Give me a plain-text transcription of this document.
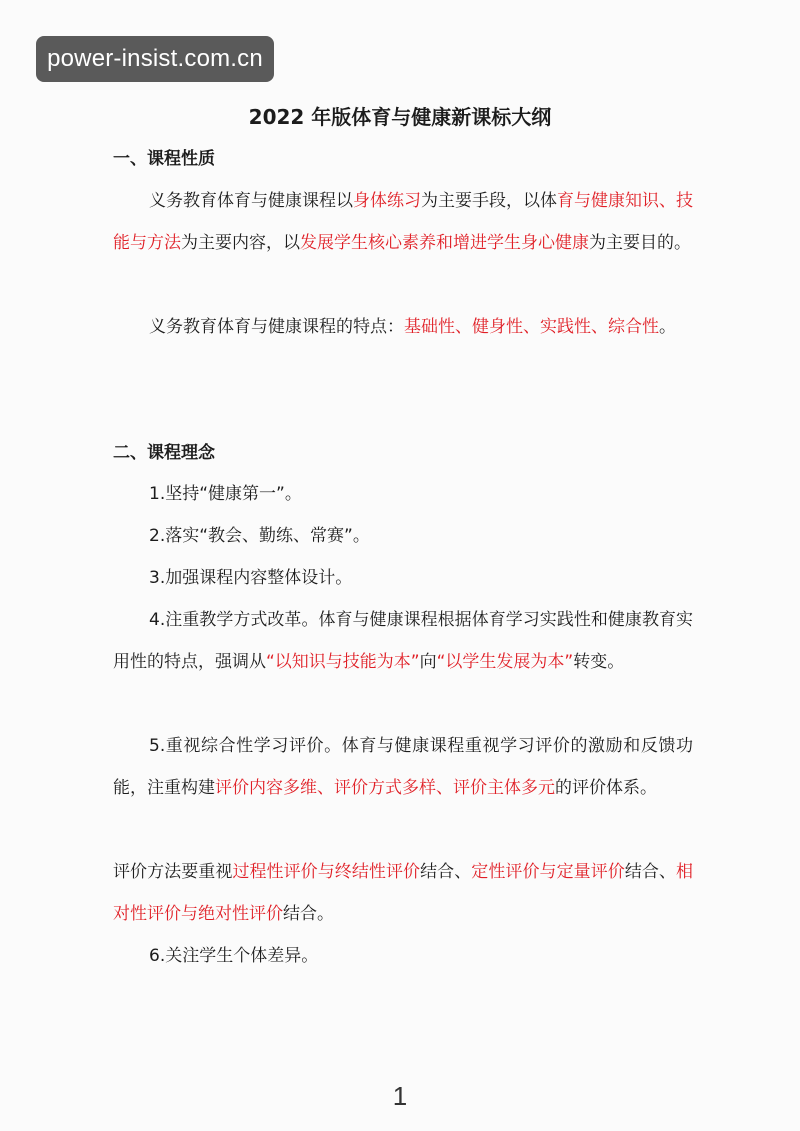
power-insist.com.cn
2022 年版体育与健康新课标大纲
一、课程性质
义务教育体育与健康课程以身体练习为主要手段，以体育与健康知识、技能与方法为主要内容，以发展学生核心素养和增进学生身心健康为主要目的。
义务教育体育与健康课程的特点：基础性、健身性、实践性、综合性。
二、课程理念
1.坚持“健康第一”。
2.落实“教会、勤练、常赛”。
3.加强课程内容整体设计。
4.注重教学方式改革。体育与健康课程根据体育学习实践性和健康教育实用性的特点，强调从“以知识与技能为本”向“以学生发展为本”转变。
5.重视综合性学习评价。体育与健康课程重视学习评价的激励和反馈功能，注重构建评价内容多维、评价方式多样、评价主体多元的评价体系。
评价方法要重视过程性评价与终结性评价结合、定性评价与定量评价结合、相对性评价与绝对性评价结合。
6.关注学生个体差异。
1
